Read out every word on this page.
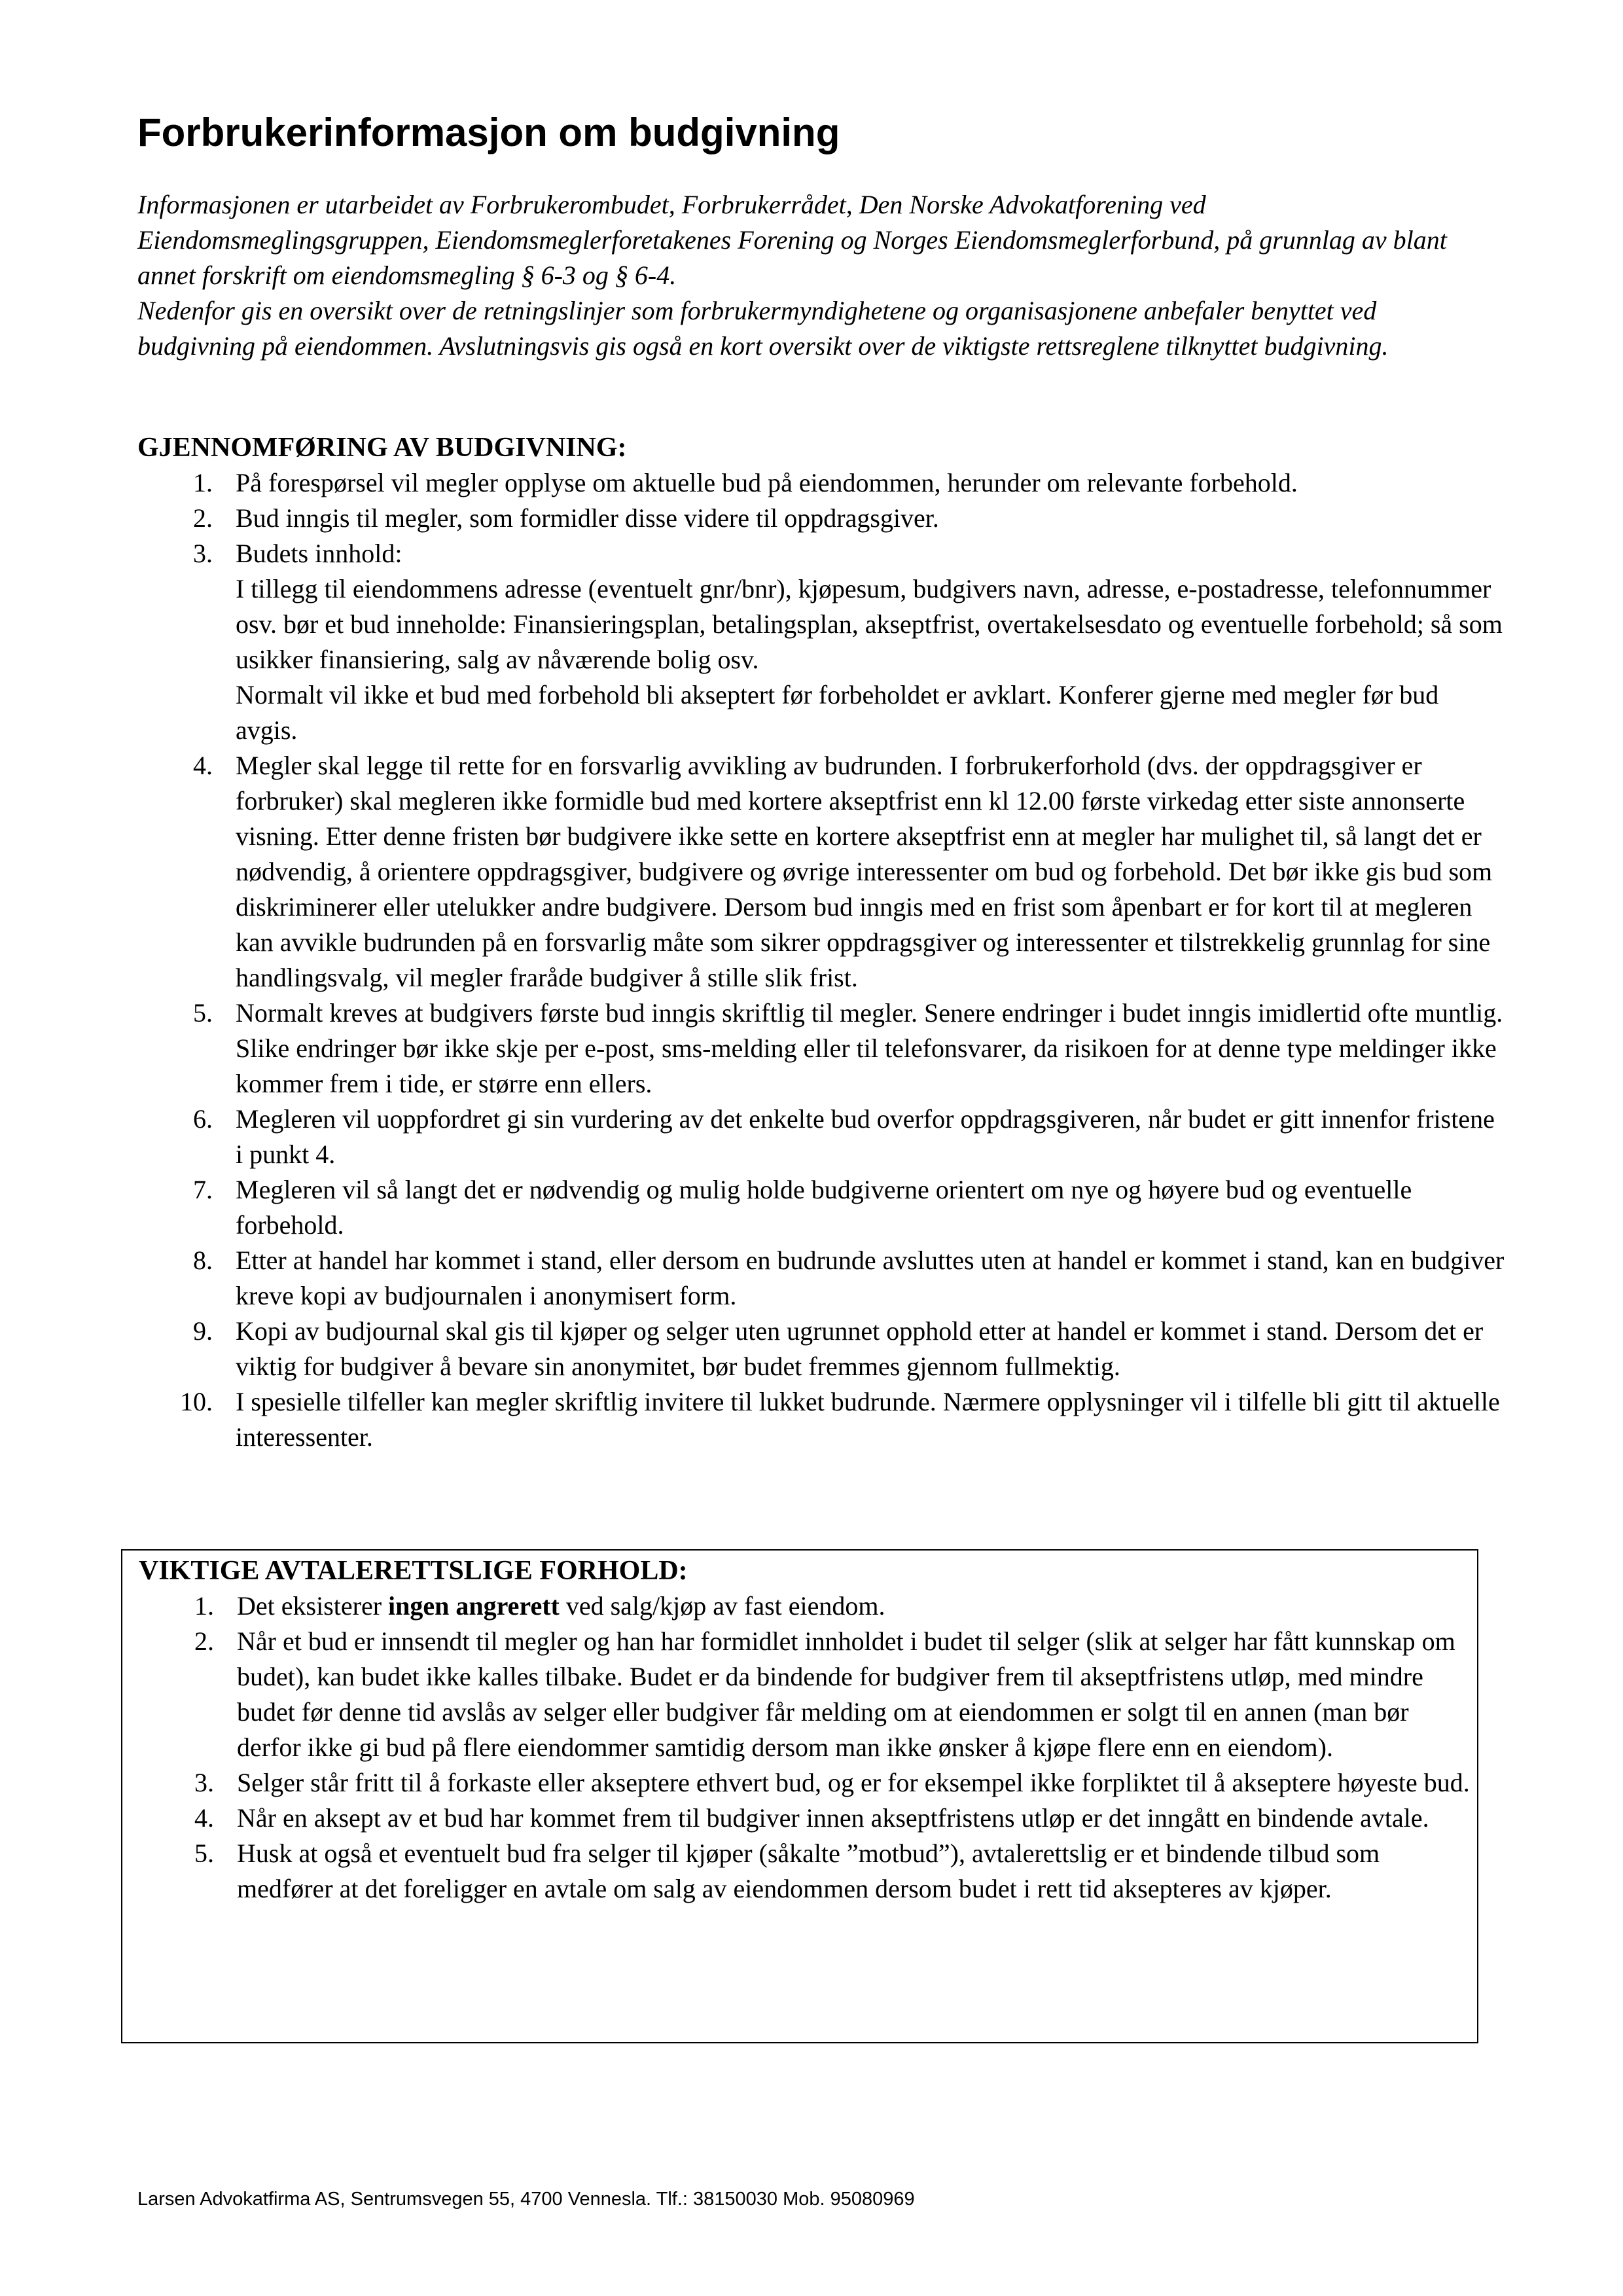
Forbrukerinformasjon om budgivning

Informasjonen er utarbeidet av Forbrukerombudet, Forbrukerrådet, Den Norske Advokatforening ved Eiendomsmeglingsgruppen, Eiendomsmeglerforetakenes Forening og Norges Eiendomsmeglerforbund, på grunnlag av blant annet forskrift om eiendomsmegling § 6-3 og § 6-4.

Nedenfor gis en oversikt over de retningslinjer som forbrukermyndighetene og organisasjonene anbefaler benyttet ved budgivning på eiendommen. Avslutningsvis gis også en kort oversikt over de viktigste rettsreglene tilknyttet budgivning.

GJENNOMFØRING AV BUDGIVNING:
1. På forespørsel vil megler opplyse om aktuelle bud på eiendommen, herunder om relevante forbehold.
2. Bud inngis til megler, som formidler disse videre til oppdragsgiver.
3. Budets innhold:
I tillegg til eiendommens adresse (eventuelt gnr/bnr), kjøpesum, budgivers navn, adresse, e-postadresse, telefonnummer osv. bør et bud inneholde: Finansieringsplan, betalingsplan, akseptfrist, overtakelsesdato og eventuelle forbehold; så som usikker finansiering, salg av nåværende bolig osv.
Normalt vil ikke et bud med forbehold bli akseptert før forbeholdet er avklart. Konferer gjerne med megler før bud avgis.
4. Megler skal legge til rette for en forsvarlig avvikling av budrunden. I forbrukerforhold (dvs. der oppdragsgiver er forbruker) skal megleren ikke formidle bud med kortere akseptfrist enn kl 12.00 første virkedag etter siste annonserte visning. Etter denne fristen bør budgivere ikke sette en kortere akseptfrist enn at megler har mulighet til, så langt det er nødvendig, å orientere oppdragsgiver, budgivere og øvrige interessenter om bud og forbehold. Det bør ikke gis bud som diskriminerer eller utelukker andre budgivere. Dersom bud inngis med en frist som åpenbart er for kort til at megleren kan avvikle budrunden på en forsvarlig måte som sikrer oppdragsgiver og interessenter et tilstrekkelig grunnlag for sine handlingsvalg, vil megler fraråde budgiver å stille slik frist.
5. Normalt kreves at budgivers første bud inngis skriftlig til megler. Senere endringer i budet inngis imidlertid ofte muntlig. Slike endringer bør ikke skje per e-post, sms-melding eller til telefonsvarer, da risikoen for at denne type meldinger ikke kommer frem i tide, er større enn ellers.
6. Megleren vil uoppfordret gi sin vurdering av det enkelte bud overfor oppdragsgiveren, når budet er gitt innenfor fristene i punkt 4.
7. Megleren vil så langt det er nødvendig og mulig holde budgiverne orientert om nye og høyere bud og eventuelle forbehold.
8. Etter at handel har kommet i stand, eller dersom en budrunde avsluttes uten at handel er kommet i stand, kan en budgiver kreve kopi av budjournalen i anonymisert form.
9. Kopi av budjournal skal gis til kjøper og selger uten ugrunnet opphold etter at handel er kommet i stand. Dersom det er viktig for budgiver å bevare sin anonymitet, bør budet fremmes gjennom fullmektig.
10. I spesielle tilfeller kan megler skriftlig invitere til lukket budrunde. Nærmere opplysninger vil i tilfelle bli gitt til aktuelle interessenter.
VIKTIGE AVTALERETTSLIGE FORHOLD:
1. Det eksisterer ingen angrerett ved salg/kjøp av fast eiendom.
2. Når et bud er innsendt til megler og han har formidlet innholdet i budet til selger (slik at selger har fått kunnskap om budet), kan budet ikke kalles tilbake. Budet er da bindende for budgiver frem til akseptfristens utløp, med mindre budet før denne tid avslås av selger eller budgiver får melding om at eiendommen er solgt til en annen (man bør derfor ikke gi bud på flere eiendommer samtidig dersom man ikke ønsker å kjøpe flere enn en eiendom).
3. Selger står fritt til å forkaste eller akseptere ethvert bud, og er for eksempel ikke forpliktet til å akseptere høyeste bud.
4. Når en aksept av et bud har kommet frem til budgiver innen akseptfristens utløp er det inngått en bindende avtale.
5. Husk at også et eventuelt bud fra selger til kjøper (såkalte ”motbud”), avtalerettslig er et bindende tilbud som medfører at det foreligger en avtale om salg av eiendommen dersom budet i rett tid aksepteres av kjøper.
Larsen Advokatfirma AS, Sentrumsvegen 55, 4700 Vennesla. Tlf.: 38150030 Mob. 95080969
